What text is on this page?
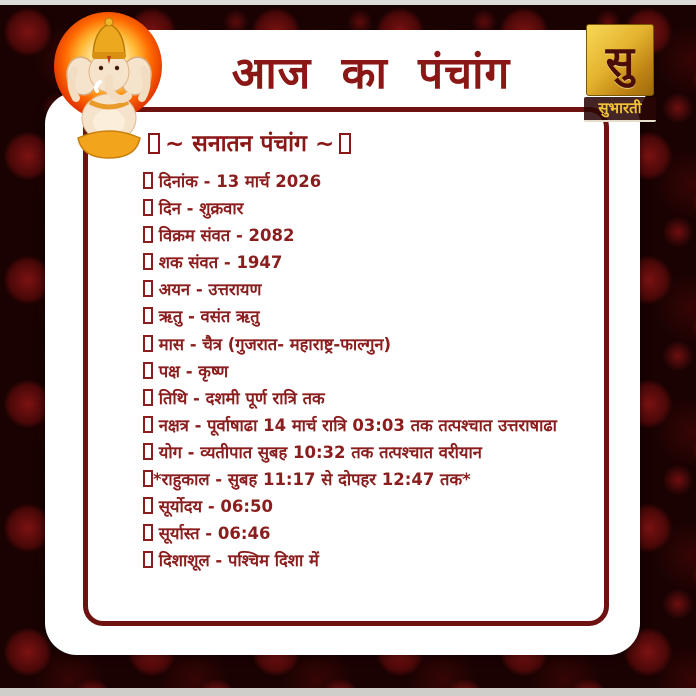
आज का पंचांग
~ सनातन पंचांग ~
दिनांक - 13 मार्च 2026
दिन - शुक्रवार
विक्रम संवत - 2082
शक संवत - 1947
अयन - उत्तरायण
ऋतु - वसंत ऋतु
मास - चैत्र (गुजरात- महाराष्ट्र-फाल्गुन)
पक्ष - कृष्ण
तिथि - दशमी पूर्ण रात्रि तक
नक्षत्र - पूर्वाषाढा 14 मार्च रात्रि 03:03 तक तत्पश्चात उत्तराषाढा
योग - व्यतीपात सुबह 10:32 तक तत्पश्चात वरीयान
*राहुकाल - सुबह 11:17 से दोपहर 12:47 तक*
सूर्योदय - 06:50
सूर्यास्त - 06:46
दिशाशूल - पश्चिम दिशा में
सु
सुभारती
